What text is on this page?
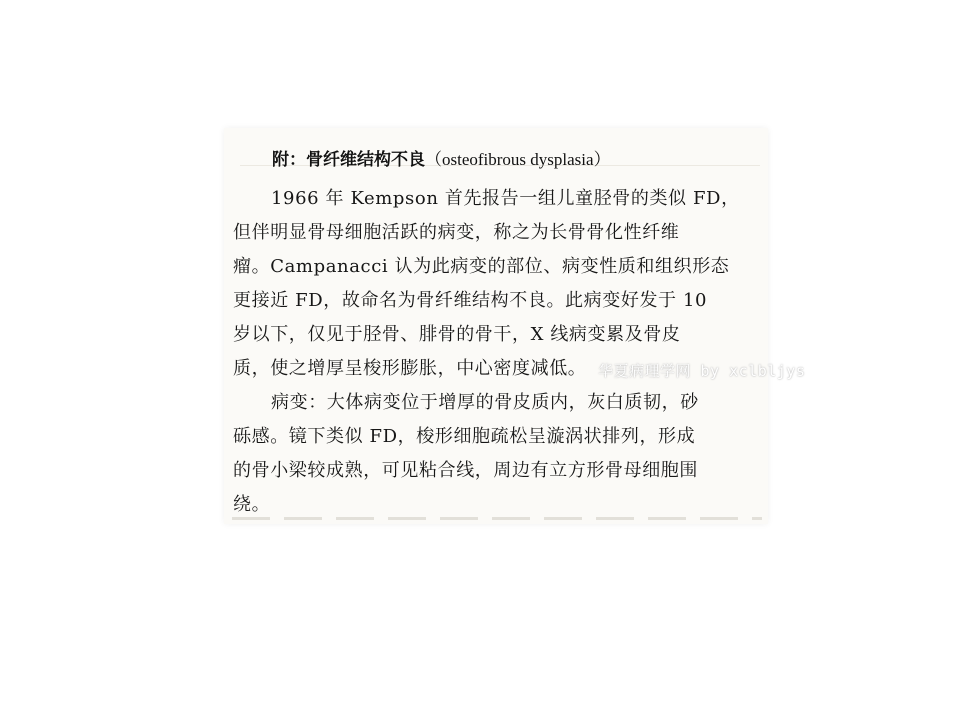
附：骨纤维结构不良（osteofibrous dysplasia）
1966 年 Kempson 首先报告一组儿童胫骨的类似 FD，
但伴明显骨母细胞活跃的病变，称之为长骨骨化性纤维
瘤。Campanacci 认为此病变的部位、病变性质和组织形态
更接近 FD，故命名为骨纤维结构不良。此病变好发于 10
岁以下，仅见于胫骨、腓骨的骨干，X 线病变累及骨皮
质，使之增厚呈梭形膨胀，中心密度减低。
病变：大体病变位于增厚的骨皮质内，灰白质韧，砂
砾感。镜下类似 FD，梭形细胞疏松呈漩涡状排列，形成
的骨小梁较成熟，可见粘合线，周边有立方形骨母细胞围
绕。
华夏病理学网 by xclbljys
